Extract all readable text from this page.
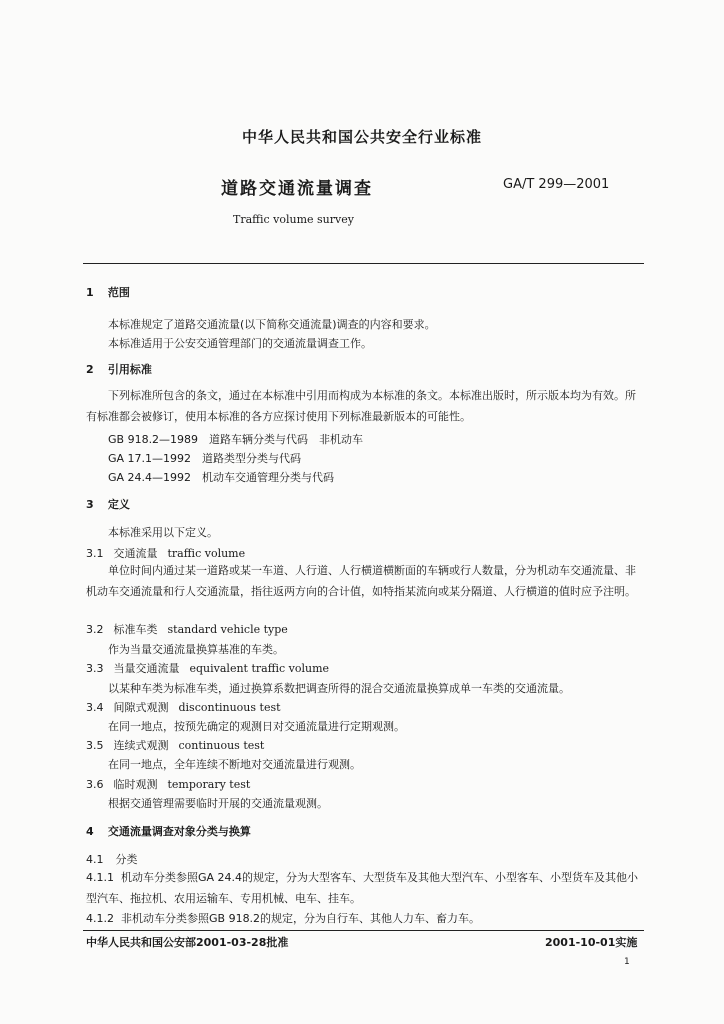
中华人民共和国公共安全行业标准
道路交通流量调查	GA/T 299—2001
Traffic volume survey
1 范围
本标准规定了道路交通流量(以下简称交通流量)调查的内容和要求。
本标准适用于公安交通管理部门的交通流量调查工作。
2 引用标准
下列标准所包含的条文，通过在本标准中引用而构成为本标准的条文。本标准出版时，所示版本均为有效。所有标准都会被修订，使用本标准的各方应探讨使用下列标准最新版本的可能性。
GB 918.2—1989　道路车辆分类与代码　非机动车
GA 17.1—1992　道路类型分类与代码
GA 24.4—1992　机动车交通管理分类与代码
3 定义
本标准采用以下定义。
3.1 交通流量 traffic volume
单位时间内通过某一道路或某一车道、人行道、人行横道横断面的车辆或行人数量，分为机动车交通流量、非机动车交通流量和行人交通流量，指往返两方向的合计值，如特指某流向或某分隔道、人行横道的值时应予注明。
3.2 标准车类 standard vehicle type
作为当量交通流量换算基准的车类。
3.3 当量交通流量 equivalent traffic volume
以某种车类为标准车类，通过换算系数把调查所得的混合交通流量换算成单一车类的交通流量。
3.4 间隙式观测 discontinuous test
在同一地点，按预先确定的观测日对交通流量进行定期观测。
3.5 连续式观测 continuous test
在同一地点，全年连续不断地对交通流量进行观测。
3.6 临时观测 temporary test
根据交通管理需要临时开展的交通流量观测。
4 交通流量调查对象分类与换算
4.1 分类
4.1.1 机动车分类参照GA 24.4的规定，分为大型客车、大型货车及其他大型汽车、小型客车、小型货车及其他小型汽车、拖拉机、农用运输车、专用机械、电车、挂车。
4.1.2 非机动车分类参照GB 918.2的规定，分为自行车、其他人力车、畜力车。
中华人民共和国公安部2001-03-28批准	2001-10-01实施
1
